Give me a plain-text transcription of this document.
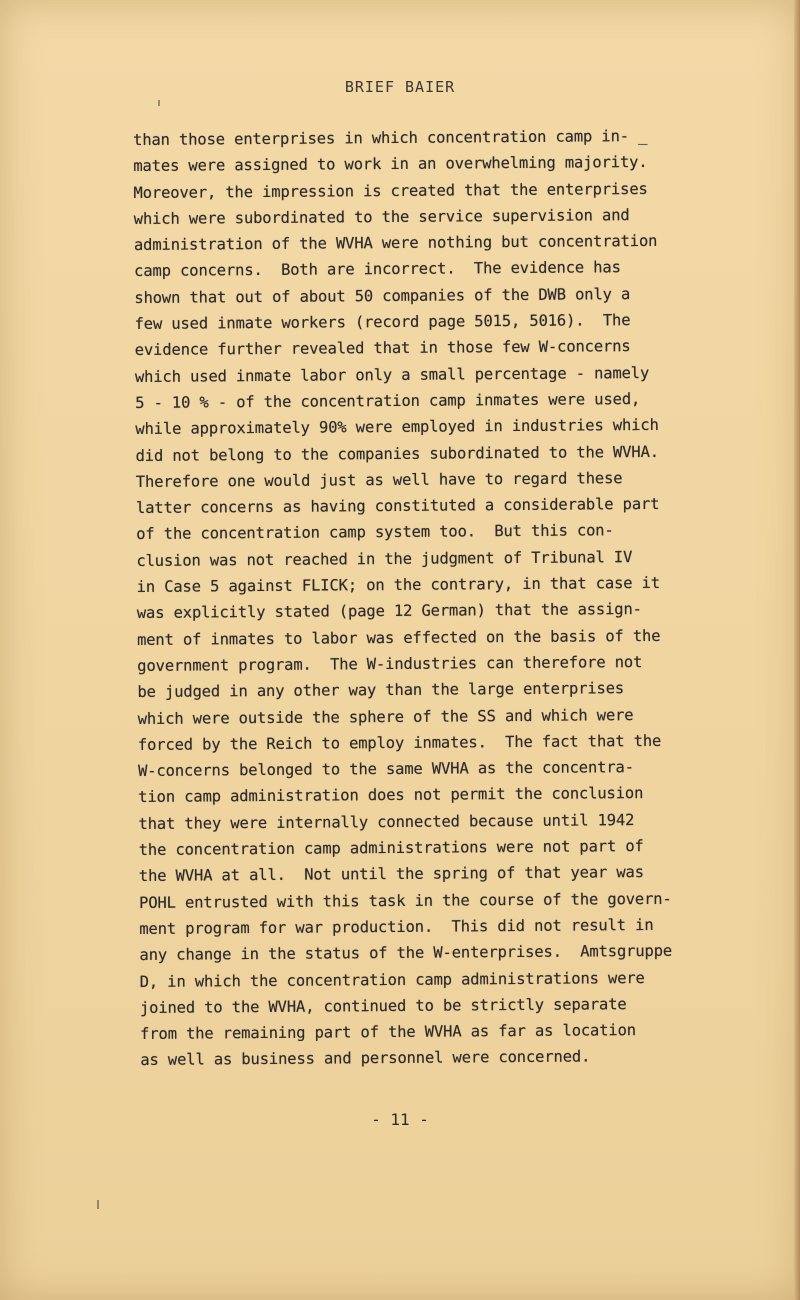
BRIEF BAIER
than those enterprises in which concentration camp in- _
mates were assigned to work in an overwhelming majority.
Moreover, the impression is created that the enterprises
which were subordinated to the service supervision and
administration of the WVHA were nothing but concentration
camp concerns.  Both are incorrect.  The evidence has
shown that out of about 50 companies of the DWB only a
few used inmate workers (record page 5015, 5016).  The
evidence further revealed that in those few W-concerns
which used inmate labor only a small percentage - namely
5 - 10 % - of the concentration camp inmates were used,
while approximately 90% were employed in industries which
did not belong to the companies subordinated to the WVHA.
Therefore one would just as well have to regard these
latter concerns as having constituted a considerable part
of the concentration camp system too.  But this con-
clusion was not reached in the judgment of Tribunal IV
in Case 5 against FLICK; on the contrary, in that case it
was explicitly stated (page 12 German) that the assign-
ment of inmates to labor was effected on the basis of the
government program.  The W-industries can therefore not
be judged in any other way than the large enterprises
which were outside the sphere of the SS and which were
forced by the Reich to employ inmates.  The fact that the
W-concerns belonged to the same WVHA as the concentra-
tion camp administration does not permit the conclusion
that they were internally connected because until 1942
the concentration camp administrations were not part of
the WVHA at all.  Not until the spring of that year was
POHL entrusted with this task in the course of the govern-
ment program for war production.  This did not result in
any change in the status of the W-enterprises.  Amtsgruppe
D, in which the concentration camp administrations were
joined to the WVHA, continued to be strictly separate
from the remaining part of the WVHA as far as location
as well as business and personnel were concerned.
- 11 -
